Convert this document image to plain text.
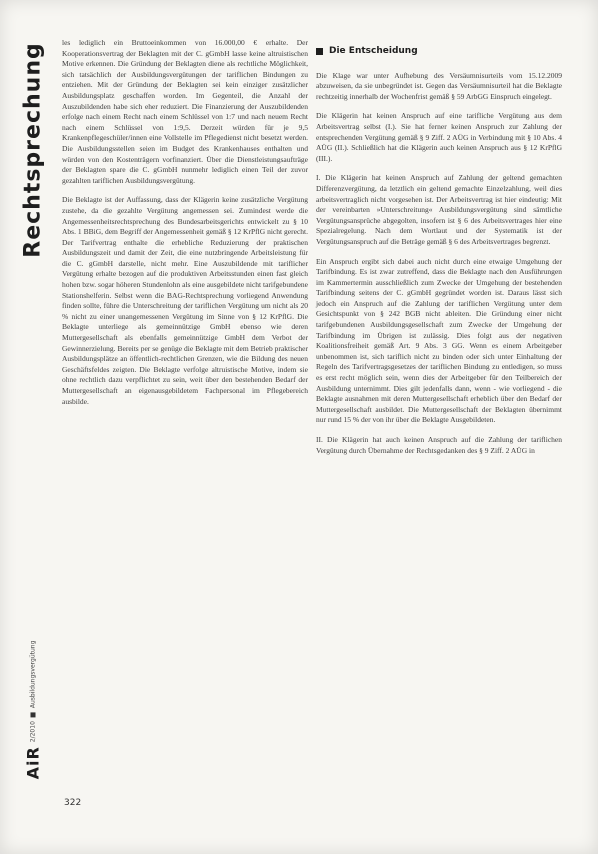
Rechtsprechung
AiR
2/2010
Ausbildungsvergütung

les lediglich ein Bruttoeinkommen von 16.000,00 € erhalte. Der Kooperationsvertrag der Beklagten mit der C. gGmbH lasse keine altruistischen Motive erkennen. Die Gründung der Beklagten diene als rechtliche Möglichkeit, sich tatsächlich der Ausbildungsvergütungen der tariflichen Bindungen zu entziehen. Mit der Gründung der Beklagten sei kein einziger zusätzlicher Ausbildungsplatz geschaffen worden. Im Gegenteil, die Anzahl der Auszubildenden habe sich eher reduziert. Die Finanzierung der Auszubildenden erfolge nach einem Recht nach einem Schlüssel von 1:7 und nach neuem Recht nach einem Schlüssel von 1:9,5. Derzeit würden für je 9,5 Krankenpflegeschüler/innen eine Vollstelle im Pflegedienst nicht besetzt werden. Die Ausbildungsstellen seien im Budget des Krankenhauses enthalten und würden von den Kostenträgern vorfinanziert. Über die Dienstleistungsaufträge der Beklagten spare die C. gGmbH nunmehr lediglich einen Teil der zuvor gezahlten tariflichen Ausbildungsvergütung.

Die Beklagte ist der Auffassung, dass der Klägerin keine zusätzliche Vergütung zustehe, da die gezahlte Vergütung angemessen sei. Zumindest werde die Angemessenheitsrechtsprechung des Bundesarbeitsgerichts entwickelt zu § 10 Abs. 1 BBiG, dem Begriff der Angemessenheit gemäß § 12 KrPflG nicht gerecht. Der Tarifvertrag enthalte die erhebliche Reduzierung der praktischen Ausbildungszeit und damit der Zeit, die eine nutzbringende Arbeitsleistung für die C. gGmbH darstelle, nicht mehr. Eine Auszubildende mit tariflicher Vergütung erhalte bezogen auf die produktiven Arbeitsstunden einen fast gleich hohen bzw. sogar höheren Stundenlohn als eine ausgebildete nicht tarifgebundene Stationshelferin. Selbst wenn die BAG-Rechtsprechung vorliegend Anwendung finden sollte, führe die Unterschreitung der tariflichen Vergütung um nicht als 20 % nicht zu einer unangemessenen Vergütung im Sinne von § 12 KrPflG. Die Beklagte unterliege als gemeinnützige GmbH ebenso wie deren Muttergesellschaft als ebenfalls gemeinnützige GmbH dem Verbot der Gewinnerzielung. Bereits per se genüge die Beklagte mit dem Betrieb praktischer Ausbildungsplätze an öffentlich-rechtlichen Grenzen, wie die Bildung des neuen Geschäftsfeldes zeigten. Die Beklagte verfolge altruistische Motive, indem sie ohne rechtlich dazu verpflichtet zu sein, weit über den bestehenden Bedarf der Muttergesellschaft an eigenausgebildetem Fachpersonal im Pflegebereich ausbilde.

Die Entscheidung

Die Klage war unter Aufhebung des Versäumnisurteils vom 15.12.2009 abzuweisen, da sie unbegründet ist. Gegen das Versäumnisurteil hat die Beklagte rechtzeitig innerhalb der Wochenfrist gemäß § 59 ArbGG Einspruch eingelegt.

Die Klägerin hat keinen Anspruch auf eine tarifliche Vergütung aus dem Arbeitsvertrag selbst (I.). Sie hat ferner keinen Anspruch zur Zahlung der entsprechenden Vergütung gemäß § 9 Ziff. 2 AÜG in Verbindung mit § 10 Abs. 4 AÜG (II.). Schließlich hat die Klägerin auch keinen Anspruch aus § 12 KrPflG (III.).

I. Die Klägerin hat keinen Anspruch auf Zahlung der geltend gemachten Differenzvergütung, da letztlich ein geltend gemachte Einzelzahlung, weil dies arbeitsvertraglich nicht vorgesehen ist. Der Arbeitsvertrag ist hier eindeutig: Mit der vereinbarten »Unterschreitung« Ausbildungsvergütung sind sämtliche Vergütungsansprüche abgegolten, insofern ist § 6 des Arbeitsvertrages hier eine Spezialregelung. Nach dem Wortlaut und der Systematik ist der Vergütungsanspruch auf die Beträge gemäß § 6 des Arbeitsvertrages begrenzt.

Ein Anspruch ergibt sich dabei auch nicht durch eine etwaige Umgehung der Tarifbindung. Es ist zwar zutreffend, dass die Beklagte nach den Ausführungen im Kammertermin ausschließlich zum Zwecke der Umgehung der bestehenden Tarifbindung seitens der C. gGmbH gegründet worden ist. Daraus lässt sich jedoch ein Anspruch auf die Zahlung der tariflichen Vergütung unter dem Gesichtspunkt von § 242 BGB nicht ableiten. Die Gründung einer nicht tarifgebundenen Ausbildungsgesellschaft zum Zwecke der Umgehung der Tarifbindung im Übrigen ist zulässig. Dies folgt aus der negativen Koalitionsfreiheit gemäß Art. 9 Abs. 3 GG. Wenn es einem Arbeitgeber unbenommen ist, sich tariflich nicht zu binden oder sich unter Einhaltung der Regeln des Tarifvertragsgesetzes der tariflichen Bindung zu entledigen, so muss es erst recht möglich sein, wenn dies der Arbeitgeber für den Teilbereich der Ausbildung unternimmt. Dies gilt jedenfalls dann, wenn - wie vorliegend - die Beklagte ausnahmen mit deren Muttergesellschaft erheblich über den Bedarf der Muttergesellschaft ausbildet. Die Muttergesellschaft der Beklagten übernimmt nur rund 15 % der von ihr über die Beklagte Ausgebildeten.

II. Die Klägerin hat auch keinen Anspruch auf die Zahlung der tariflichen Vergütung durch Übernahme der Rechtsgedanken des § 9 Ziff. 2 AÜG in

322
